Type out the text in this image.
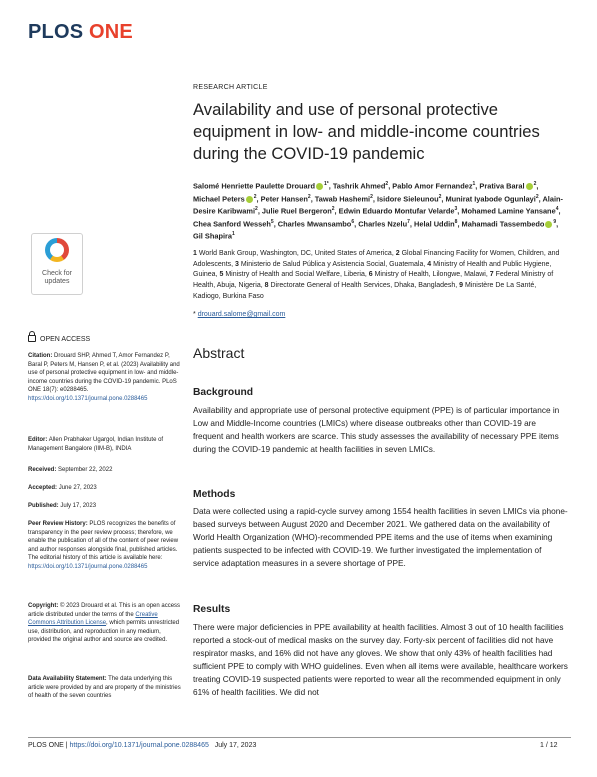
PLOS ONE
RESEARCH ARTICLE
Availability and use of personal protective equipment in low- and middle-income countries during the COVID-19 pandemic
Salomé Henriette Paulette Drouard $^{1*}$, Tashrik Ahmed$^2$, Pablo Amor Fernandez$^1$, Prativa Baral $^2$, Michael Peters $^2$, Peter Hansen$^2$, Tawab Hashemi$^2$, Isidore Sieleunou$^2$, Munirat Iyabode Ogunlayi$^2$, Alain-Desire Karibwami$^2$, Julie Ruel Bergeron$^2$, Edwin Eduardo Montufar Velarde$^3$, Mohamed Lamine Yansane$^4$, Chea Sanford Wesseh$^5$, Charles Mwansambo$^6$, Charles Nzelu$^7$, Helal Uddin$^8$, Mahamadi Tassembedo $^9$, Gil Shapira$^1$
1 World Bank Group, Washington, DC, United States of America, 2 Global Financing Facility for Women, Children, and Adolescents, 3 Ministerio de Salud Pública y Asistencia Social, Guatemala, 4 Ministry of Health and Public Hygiene, Guinea, 5 Ministry of Health and Social Welfare, Liberia, 6 Ministry of Health, Lilongwe, Malawi, 7 Federal Ministry of Health, Abuja, Nigeria, 8 Directorate General of Health Services, Dhaka, Bangladesh, 9 Ministère De La Santé, Kadiogo, Burkina Faso
* drouard.salome@gmail.com
Abstract
Background
Availability and appropriate use of personal protective equipment (PPE) is of particular importance in Low and Middle-Income countries (LMICs) where disease outbreaks other than COVID-19 are frequent and health workers are scarce. This study assesses the availability of necessary PPE items during the COVID-19 pandemic at health facilities in seven LMICs.
Methods
Data were collected using a rapid-cycle survey among 1554 health facilities in seven LMICs via phone-based surveys between August 2020 and December 2021. We gathered data on the availability of World Health Organization (WHO)-recommended PPE items and the use of items when examining patients suspected to be infected with COVID-19. We further investigated the implementation of service adaptation measures in a severe shortage of PPE.
Results
There were major deficiencies in PPE availability at health facilities. Almost 3 out of 10 health facilities reported a stock-out of medical masks on the survey day. Forty-six percent of facilities did not have respirator masks, and 16% did not have any gloves. We show that only 43% of health facilities had sufficient PPE to comply with WHO guidelines. Even when all items were available, healthcare workers treating COVID-19 suspected patients were reported to wear all the recommended equipment in only 61% of health facilities. We did not
Check for
updates
OPEN ACCESS
Citation: Drouard SHP, Ahmed T, Amor Fernandez P, Baral P, Peters M, Hansen P, et al. (2023) Availability and use of personal protective equipment in low- and middle-income countries during the COVID-19 pandemic. PLoS ONE 18(7): e0288465. https://doi.org/10.1371/journal.pone.0288465
Editor: Allen Prabhaker Ugargol, Indian Institute of Management Bangalore (IIM-B), INDIA
Received: September 22, 2022
Accepted: June 27, 2023
Published: July 17, 2023
Peer Review History: PLOS recognizes the benefits of transparency in the peer review process; therefore, we enable the publication of all of the content of peer review and author responses alongside final, published articles. The editorial history of this article is available here: https://doi.org/10.1371/journal.pone.0288465
Copyright: © 2023 Drouard et al. This is an open access article distributed under the terms of the Creative Commons Attribution License, which permits unrestricted use, distribution, and reproduction in any medium, provided the original author and source are credited.
Data Availability Statement: The data underlying this article were provided by and are property of the ministries of health of the seven countries
PLOS ONE | https://doi.org/10.1371/journal.pone.0288465 July 17, 2023	1 / 12
